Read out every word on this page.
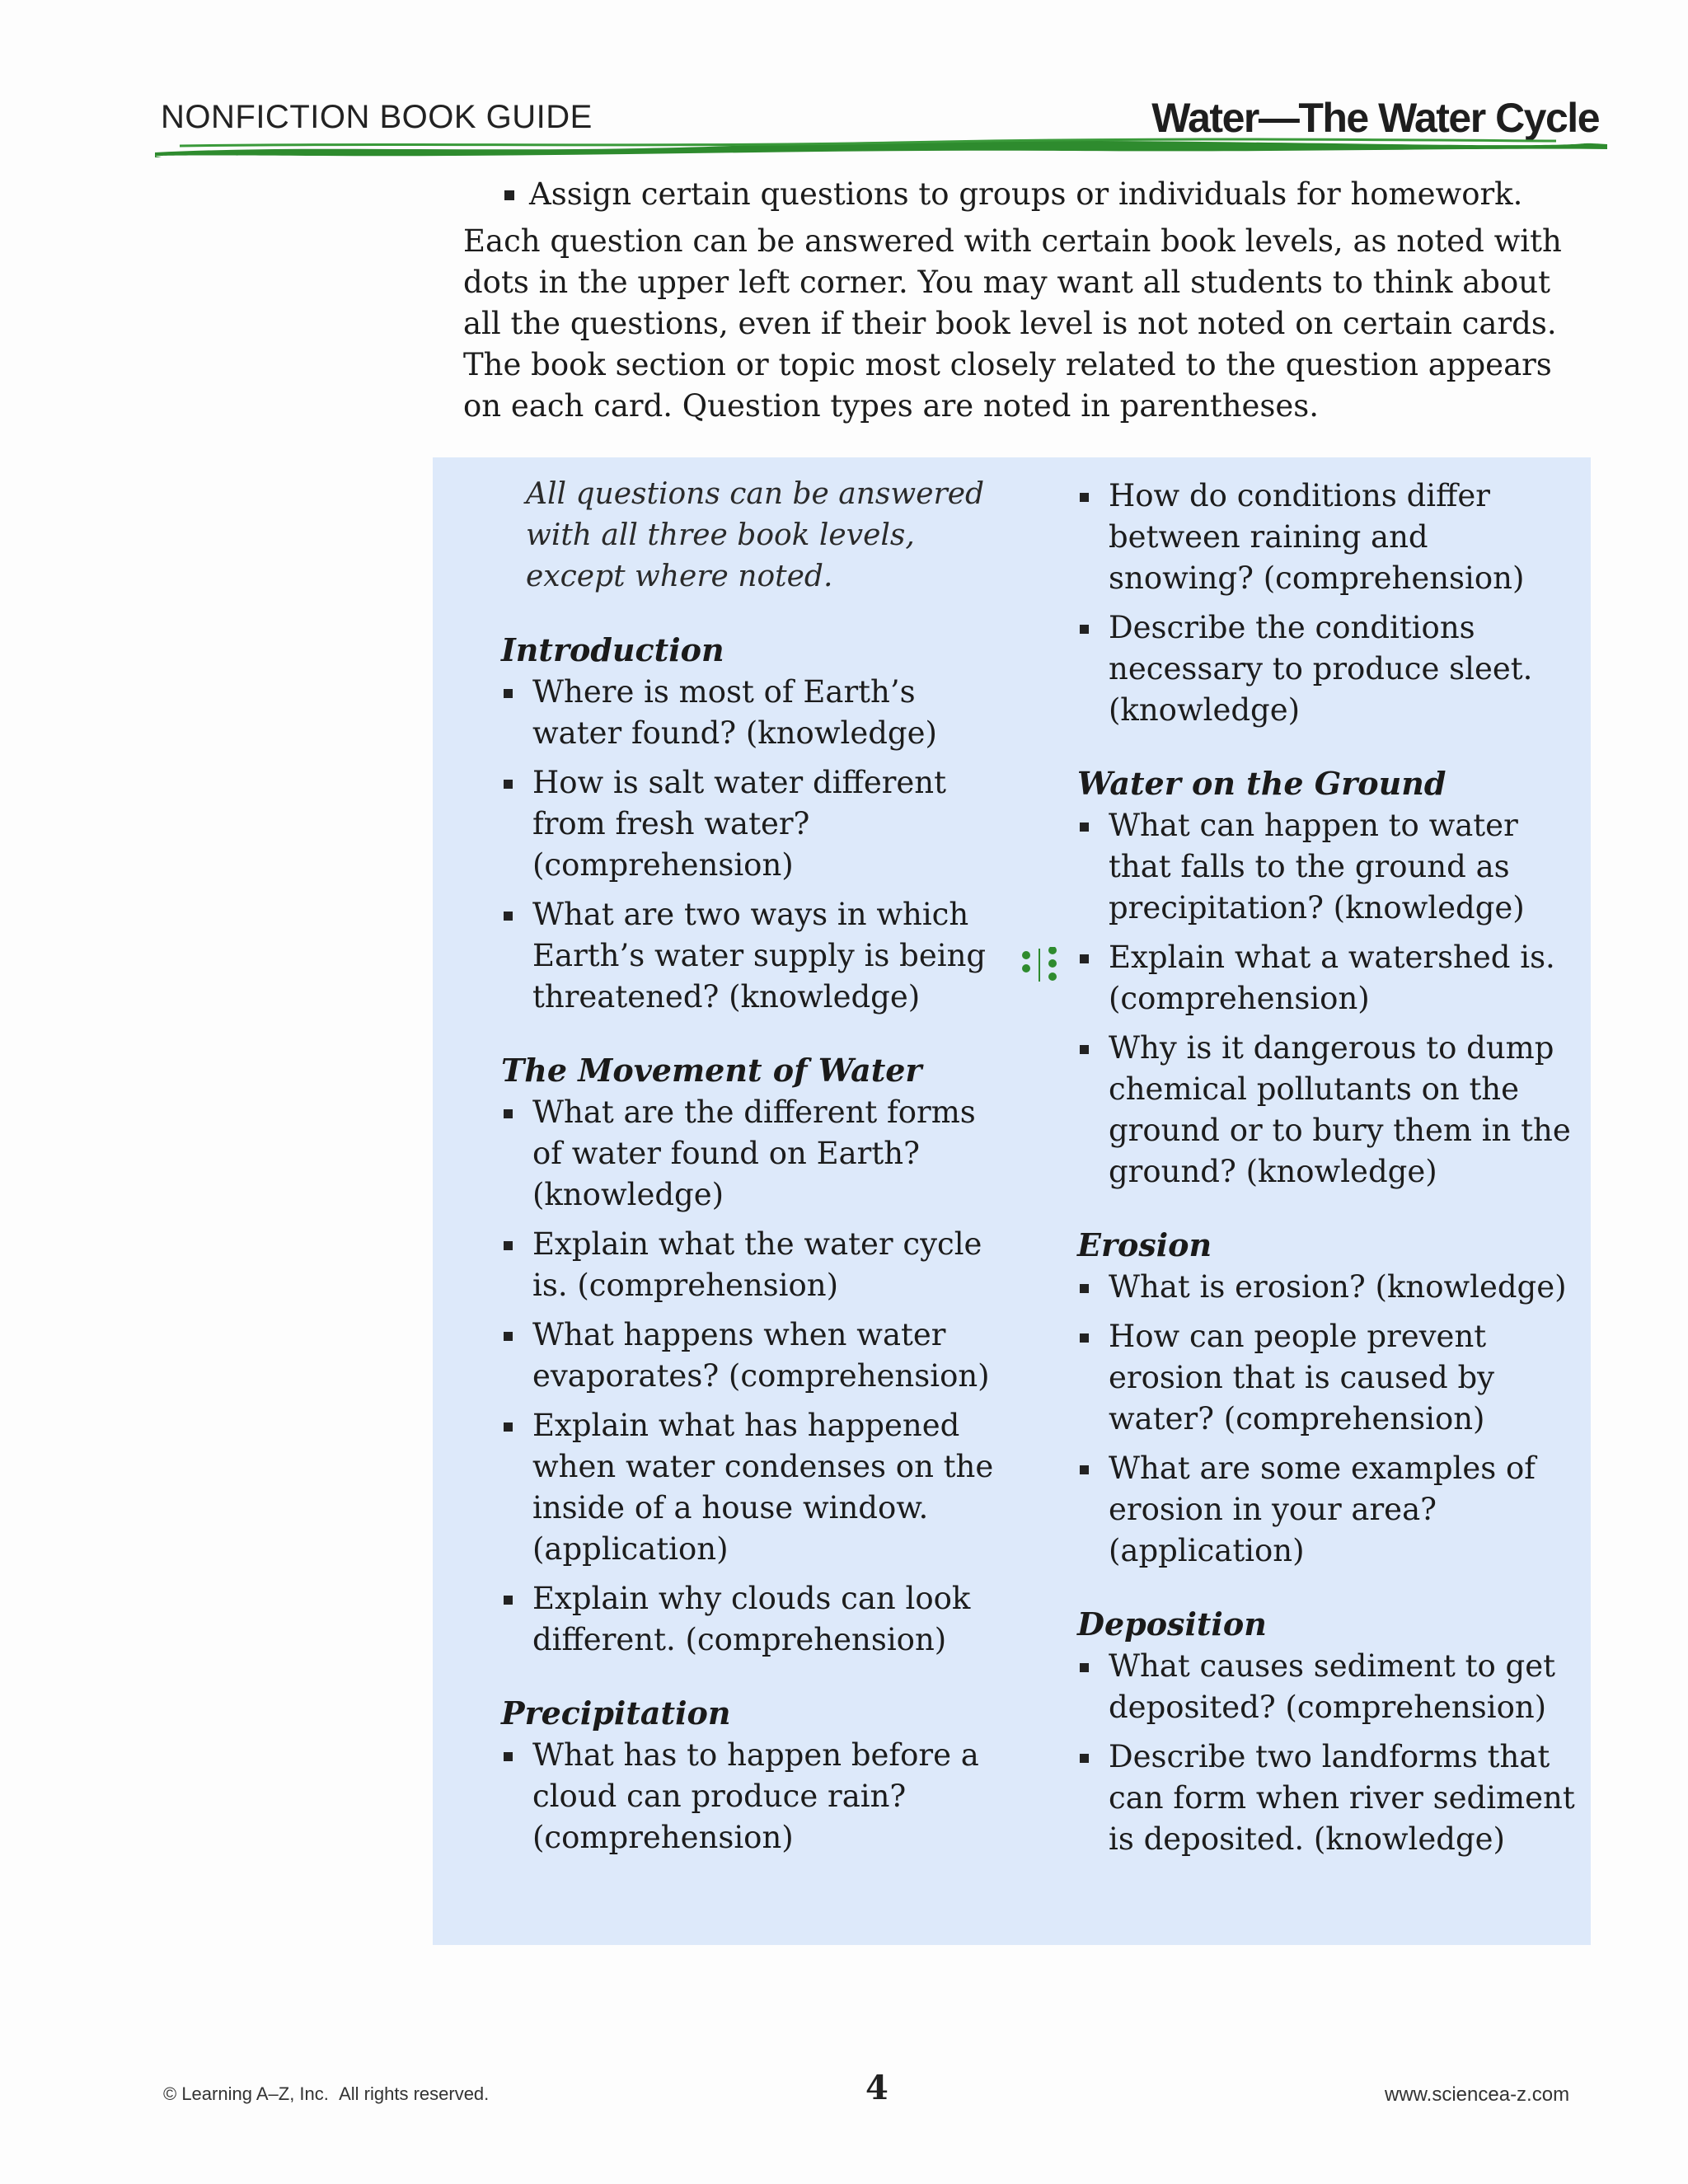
NONFICTION BOOK GUIDE	Water—The Water Cycle
Assign certain questions to groups or individuals for homework.

Each question can be answered with certain book levels, as noted with dots in the upper left corner. You may want all students to think about all the questions, even if their book level is not noted on certain cards. The book section or topic most closely related to the question appears on each card. Question types are noted in parentheses.

All questions can be answered with all three book levels, except where noted.
Introduction
Where is most of Earth’s water found? (knowledge)
How is salt water different from fresh water? (comprehension)
What are two ways in which Earth’s water supply is being threatened? (knowledge)
The Movement of Water
What are the different forms of water found on Earth? (knowledge)
Explain what the water cycle is. (comprehension)
What happens when water evaporates? (comprehension)
Explain what has happened when water condenses on the inside of a house window. (application)
Explain why clouds can look different. (comprehension)
Precipitation
What has to happen before a cloud can produce rain? (comprehension)
How do conditions differ between raining and snowing? (comprehension)
Describe the conditions necessary to produce sleet. (knowledge)
Water on the Ground
What can happen to water that falls to the ground as precipitation? (knowledge)
Explain what a watershed is. (comprehension)
Why is it dangerous to dump chemical pollutants on the ground or to bury them in the ground? (knowledge)
Erosion
What is erosion? (knowledge)
How can people prevent erosion that is caused by water? (comprehension)
What are some examples of erosion in your area? (application)
Deposition
What causes sediment to get deposited? (comprehension)
Describe two landforms that can form when river sediment is deposited. (knowledge)
© Learning A–Z, Inc.  All rights reserved.	4	www.sciencea-z.com
